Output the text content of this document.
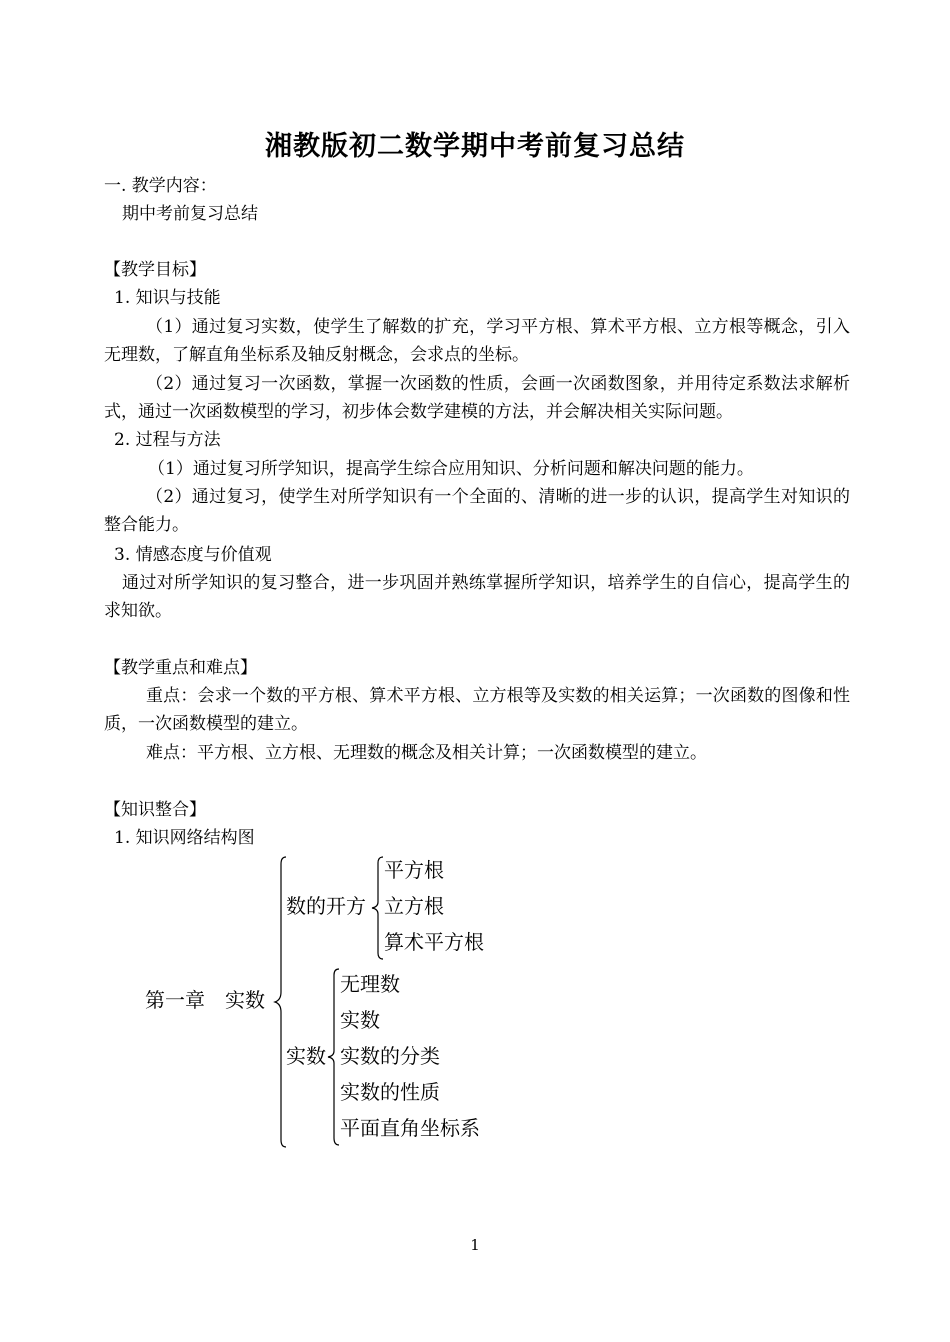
湘教版初二数学期中考前复习总结
一. 教学内容：
期中考前复习总结
【教学目标】
1. 知识与技能
（1）通过复习实数，使学生了解数的扩充，学习平方根、算术平方根、立方根等概念，引入无理数，了解直角坐标系及轴反射概念，会求点的坐标。
（2）通过复习一次函数，掌握一次函数的性质，会画一次函数图象，并用待定系数法求解析式，通过一次函数模型的学习，初步体会数学建模的方法，并会解决相关实际问题。
2. 过程与方法
（1）通过复习所学知识，提高学生综合应用知识、分析问题和解决问题的能力。
（2）通过复习，使学生对所学知识有一个全面的、清晰的进一步的认识，提高学生对知识的整合能力。
3. 情感态度与价值观
通过对所学知识的复习整合，进一步巩固并熟练掌握所学知识，培养学生的自信心，提高学生的求知欲。
【教学重点和难点】
重点：会求一个数的平方根、算术平方根、立方根等及实数的相关运算；一次函数的图像和性质，一次函数模型的建立。
难点：平方根、立方根、无理数的概念及相关计算；一次函数模型的建立。
【知识整合】
1. 知识网络结构图
第一章　实数
数的开方
平方根
立方根
算术平方根
实数
无理数
实数
实数的分类
实数的性质
平面直角坐标系
1
